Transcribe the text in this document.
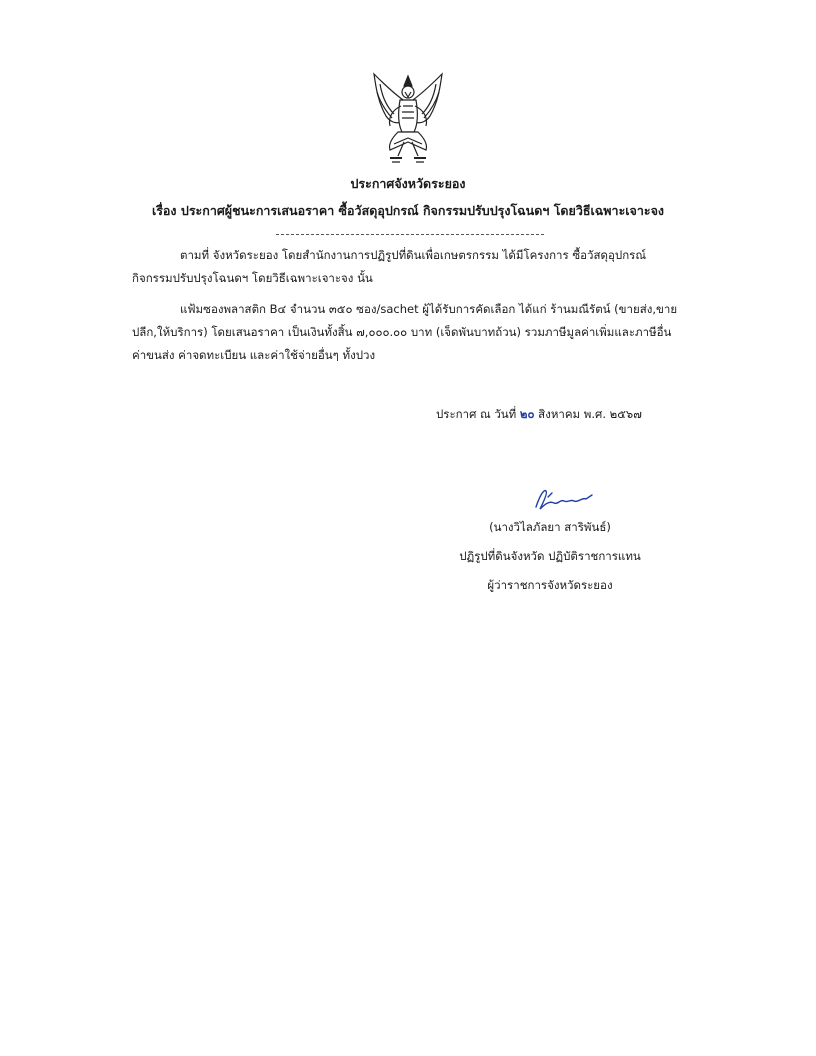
ประกาศจังหวัดระยอง
เรื่อง ประกาศผู้ชนะการเสนอราคา ซื้อวัสดุอุปกรณ์ กิจกรรมปรับปรุงโฉนดฯ โดยวิธีเฉพาะเจาะจง

ตามที่ จังหวัดระยอง โดยสำนักงานการปฏิรูปที่ดินเพื่อเกษตรกรรม ได้มีโครงการ ซื้อวัสดุอุปกรณ์
กิจกรรมปรับปรุงโฉนดฯ โดยวิธีเฉพาะเจาะจง นั้น

แฟ้มซองพลาสติก B๔ จำนวน ๓๕๐ ซอง/sachet ผู้ได้รับการคัดเลือก ได้แก่ ร้านมณีรัตน์ (ขายส่ง,ขาย
ปลีก,ให้บริการ) โดยเสนอราคา เป็นเงินทั้งสิ้น ๗,๐๐๐.๐๐ บาท (เจ็ดพันบาทถ้วน) รวมภาษีมูลค่าเพิ่มและภาษีอื่น
ค่าขนส่ง ค่าจดทะเบียน และค่าใช้จ่ายอื่นๆ ทั้งปวง

ประกาศ ณ วันที่ ๒๐ สิงหาคม พ.ศ. ๒๕๖๗
(นางวิไลภัลยา สาริพันธ์)
ปฏิรูปที่ดินจังหวัด ปฏิบัติราชการแทน
ผู้ว่าราชการจังหวัดระยอง
